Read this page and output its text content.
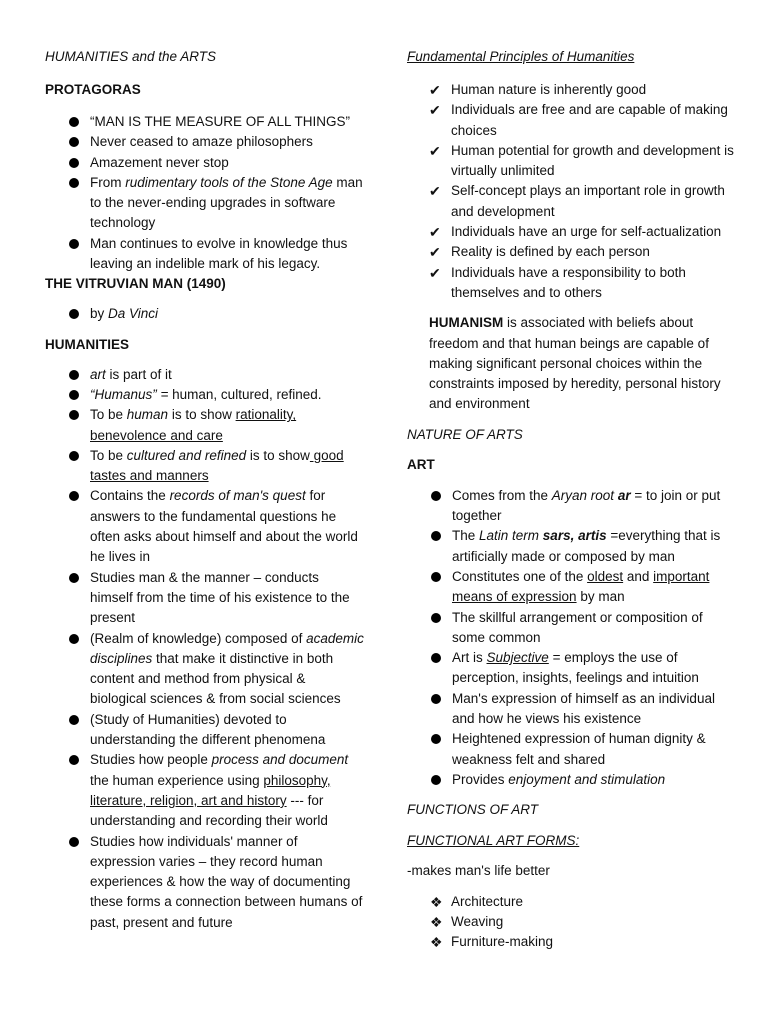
HUMANITIES and the ARTS

PROTAGORAS

“MAN IS THE MEASURE OF ALL THINGS”
Never ceased to amaze philosophers
Amazement never stop
From rudimentary tools of the Stone Age man to the never-ending upgrades in software technology
Man continues to evolve in knowledge thus leaving an indelible mark of his legacy.

THE VITRUVIAN MAN (1490)

by Da Vinci

HUMANITIES

art is part of it
“Humanus” = human, cultured, refined.
To be human is to show rationality, benevolence and care
To be cultured and refined is to show good tastes and manners
Contains the records of man's quest for answers to the fundamental questions he often asks about himself and about the world he lives in
Studies man & the manner – conducts himself from the time of his existence to the present
(Realm of knowledge) composed of academic disciplines that make it distinctive in both content and method from physical & biological sciences & from social sciences
(Study of Humanities) devoted to understanding the different phenomena
Studies how people process and document the human experience using philosophy, literature, religion, art and history --- for understanding and recording their world
Studies how individuals' manner of expression varies – they record human experiences & how the way of documenting these forms a connection between humans of past, present and future

Fundamental Principles of Humanities

✔ Human nature is inherently good
✔ Individuals are free and are capable of making choices
✔ Human potential for growth and development is virtually unlimited
✔ Self-concept plays an important role in growth and development
✔ Individuals have an urge for self-actualization
✔ Reality is defined by each person
✔ Individuals have a responsibility to both themselves and to others

HUMANISM is associated with beliefs about freedom and that human beings are capable of making significant personal choices within the constraints imposed by heredity, personal history and environment

NATURE OF ARTS

ART

Comes from the Aryan root ar = to join or put together
The Latin term sars, artis =everything that is artificially made or composed by man
Constitutes one of the oldest and important means of expression by man
The skillful arrangement or composition of some common
Art is Subjective = employs the use of perception, insights, feelings and intuition
Man's expression of himself as an individual and how he views his existence
Heightened expression of human dignity & weakness felt and shared
Provides enjoyment and stimulation

FUNCTIONS OF ART

FUNCTIONAL ART FORMS:

-makes man's life better

❖ Architecture
❖ Weaving
❖ Furniture-making
